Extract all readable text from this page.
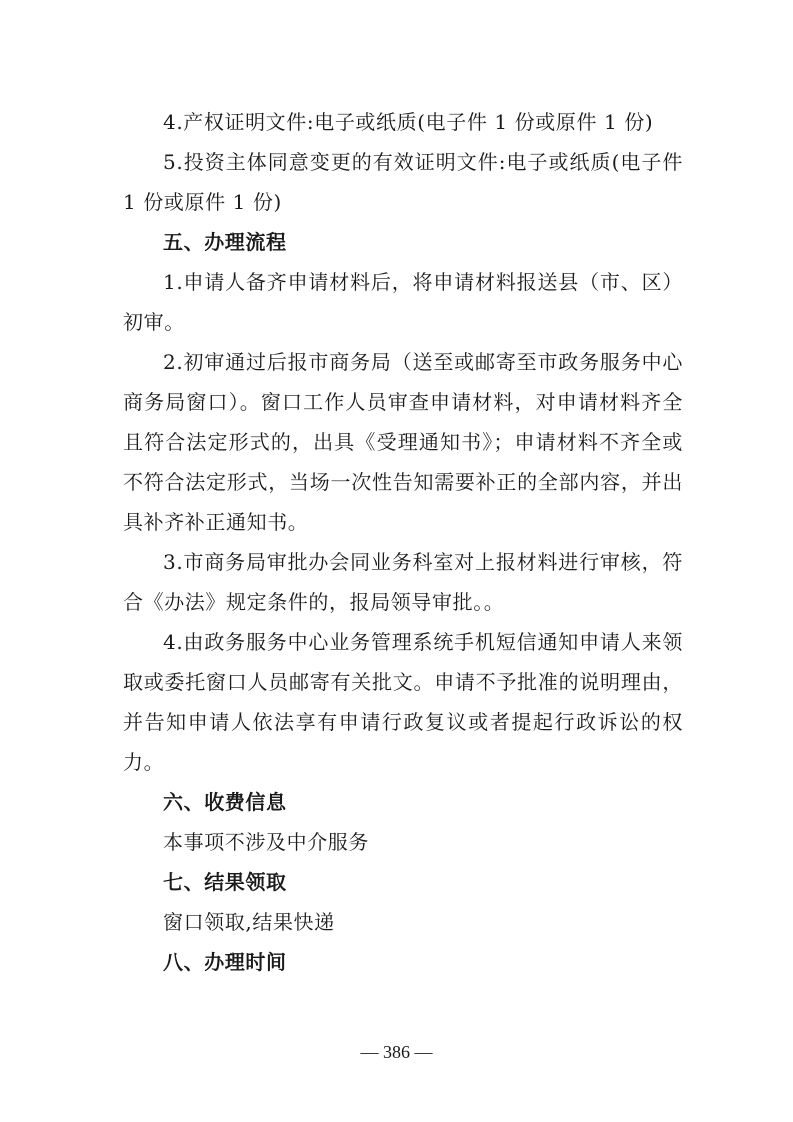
4.产权证明文件:电子或纸质(电子件 1 份或原件 1 份)

5.投资主体同意变更的有效证明文件:电子或纸质(电子件 1 份或原件 1 份)

五、办理流程

1.申请人备齐申请材料后，将申请材料报送县（市、区）初审。

2.初审通过后报市商务局（送至或邮寄至市政务服务中心商务局窗口）。窗口工作人员审查申请材料，对申请材料齐全且符合法定形式的，出具《受理通知书》；申请材料不齐全或不符合法定形式，当场一次性告知需要补正的全部内容，并出具补齐补正通知书。

3.市商务局审批办会同业务科室对上报材料进行审核，符合《办法》规定条件的，报局领导审批。。

4.由政务服务中心业务管理系统手机短信通知申请人来领取或委托窗口人员邮寄有关批文。申请不予批准的说明理由，并告知申请人依法享有申请行政复议或者提起行政诉讼的权力。

六、收费信息

本事项不涉及中介服务

七、结果领取

窗口领取,结果快递

八、办理时间

— 386 —
